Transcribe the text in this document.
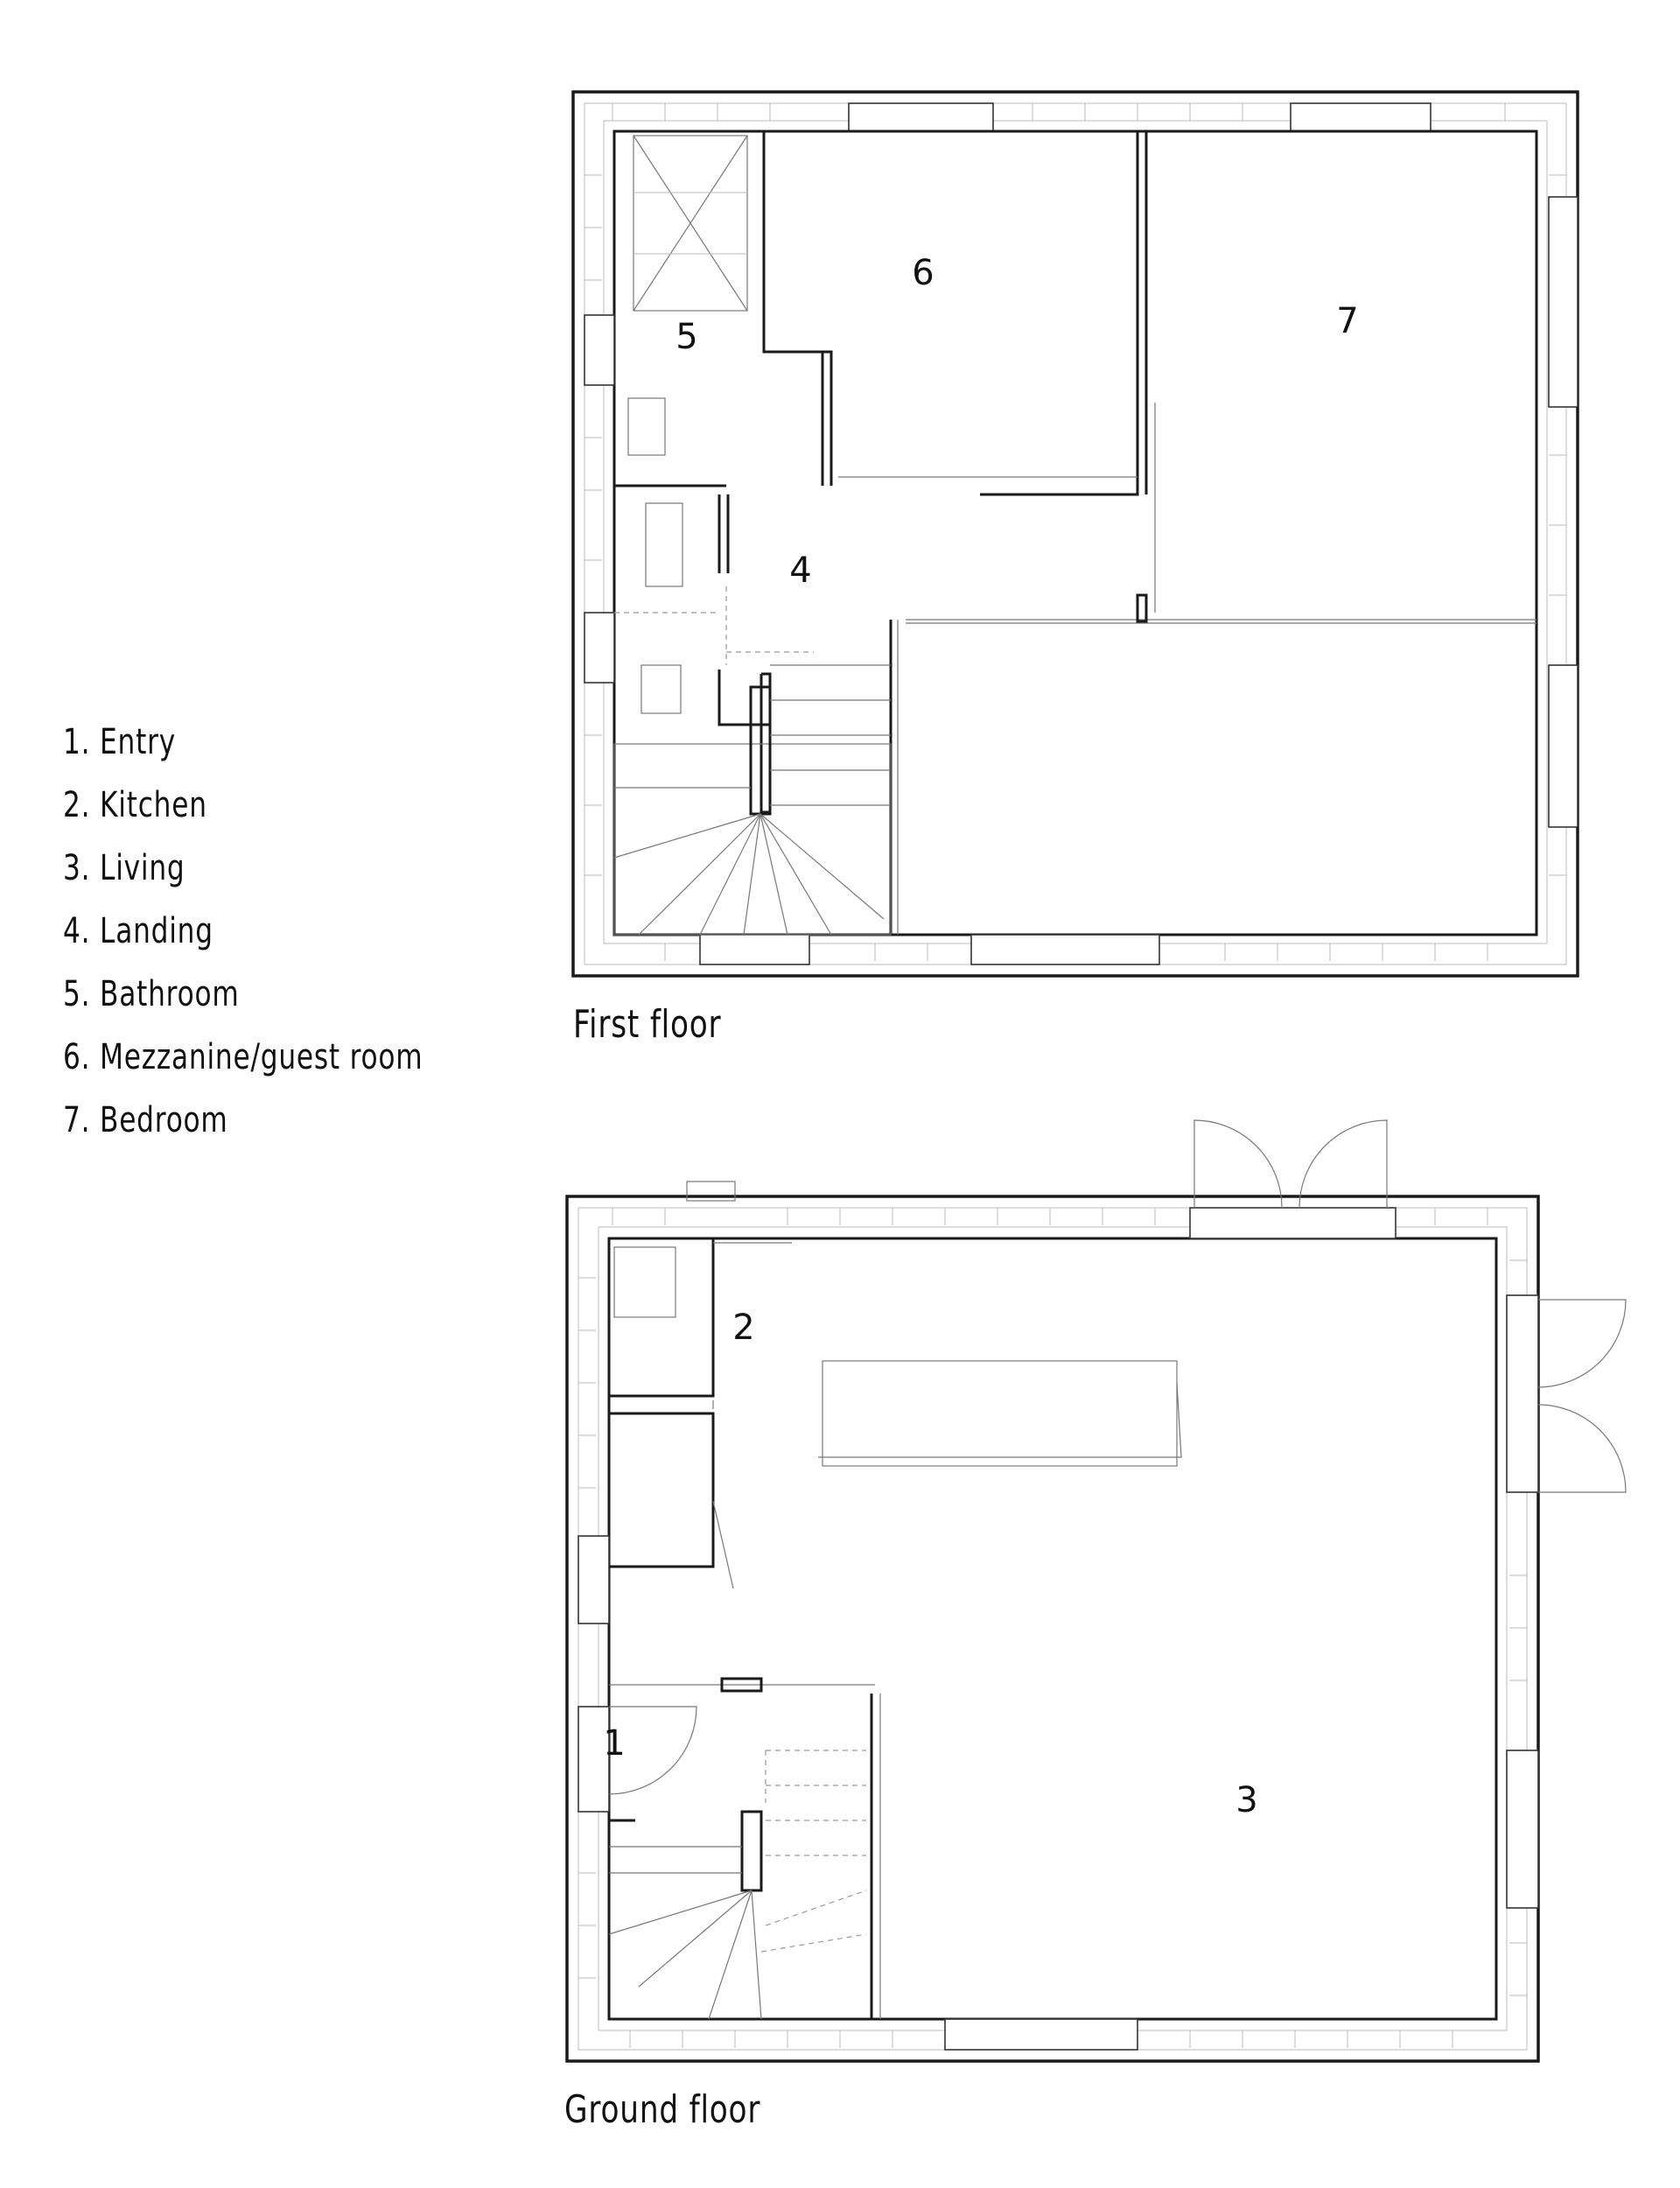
1. Entry
2. Kitchen
3. Living
4. Landing
5. Bathroom
6. Mezzanine/guest room
7. Bedroom
6
7
5
4
2
1
3
First floor
Ground floor
